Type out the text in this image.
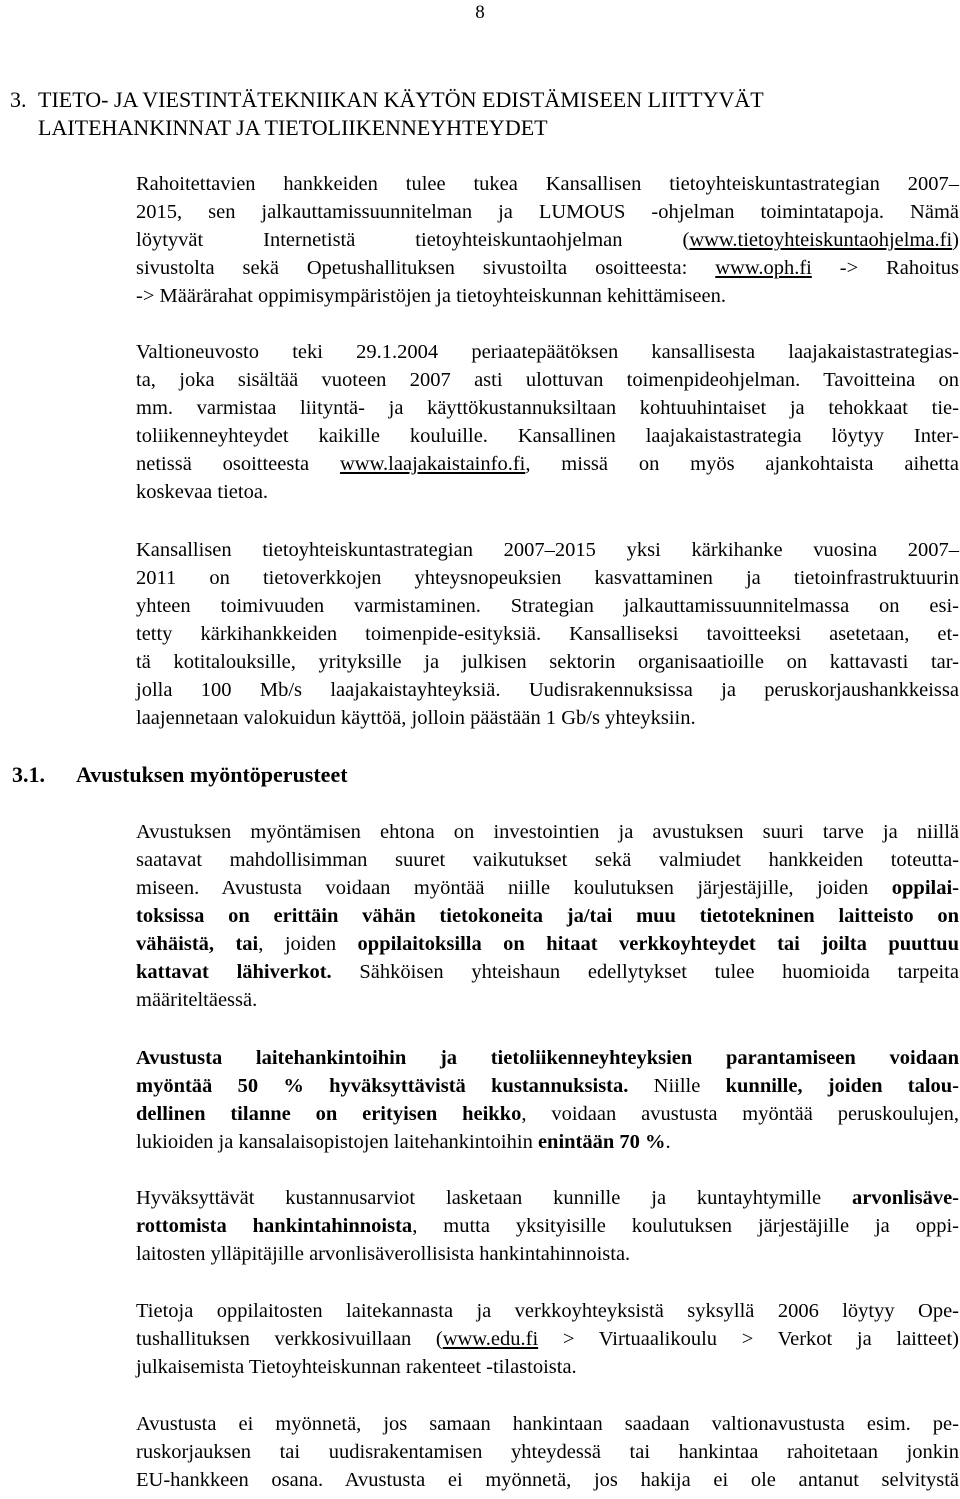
8
3. TIETO- JA VIESTINTÄTEKNIIKAN KÄYTÖN EDISTÄMISEEN LIITTYVÄT
LAITEHANKINNAT JA TIETOLIIKENNEYHTEYDET
Rahoitettavien hankkeiden tulee tukea Kansallisen tietoyhteiskuntastrategian 2007–
2015, sen jalkauttamissuunnitelman ja LUMOUS -ohjelman toimintatapoja. Nämä
löytyvät Internetistä tietoyhteiskuntaohjelman (www.tietoyhteiskuntaohjelma.fi)
sivustolta sekä Opetushallituksen sivustoilta osoitteesta: www.oph.fi -> Rahoitus
-> Määrärahat oppimisympäristöjen ja tietoyhteiskunnan kehittämiseen.
Valtioneuvosto teki 29.1.2004 periaatepäätöksen kansallisesta laajakaistastrategias-
ta, joka sisältää vuoteen 2007 asti ulottuvan toimenpideohjelman. Tavoitteina on
mm. varmistaa liityntä- ja käyttökustannuksiltaan kohtuuhintaiset ja tehokkaat tie-
toliikenneyhteydet kaikille kouluille. Kansallinen laajakaistastrategia löytyy Inter-
netissä osoitteesta www.laajakaistainfo.fi, missä on myös ajankohtaista aihetta
koskevaa tietoa.
Kansallisen tietoyhteiskuntastrategian 2007–2015 yksi kärkihanke vuosina 2007–
2011 on tietoverkkojen yhteysnopeuksien kasvattaminen ja tietoinfrastruktuurin
yhteen toimivuuden varmistaminen. Strategian jalkauttamissuunnitelmassa on esi-
tetty kärkihankkeiden toimenpide-esityksiä. Kansalliseksi tavoitteeksi asetetaan, et-
tä kotitalouksille, yrityksille ja julkisen sektorin organisaatioille on kattavasti tar-
jolla 100 Mb/s laajakaistayhteyksiä. Uudisrakennuksissa ja peruskorjaushankkeissa
laajennetaan valokuidun käyttöä, jolloin päästään 1 Gb/s yhteyksiin.
3.1. Avustuksen myöntöperusteet
Avustuksen myöntämisen ehtona on investointien ja avustuksen suuri tarve ja niillä
saatavat mahdollisimman suuret vaikutukset sekä valmiudet hankkeiden toteutta-
miseen. Avustusta voidaan myöntää niille koulutuksen järjestäjille, joiden oppilai-
toksissa on erittäin vähän tietokoneita ja/tai muu tietotekninen laitteisto on
vähäistä, tai, joiden oppilaitoksilla on hitaat verkkoyhteydet tai joilta puuttuu
kattavat lähiverkot. Sähköisen yhteishaun edellytykset tulee huomioida tarpeita
määriteltäessä.
Avustusta laitehankintoihin ja tietoliikenneyhteyksien parantamiseen voidaan
myöntää 50 % hyväksyttävistä kustannuksista. Niille kunnille, joiden talou-
dellinen tilanne on erityisen heikko, voidaan avustusta myöntää peruskoulujen,
lukioiden ja kansalaisopistojen laitehankintoihin enintään 70 %.
Hyväksyttävät kustannusarviot lasketaan kunnille ja kuntayhtymille arvonlisäve-
rottomista hankintahinnoista, mutta yksityisille koulutuksen järjestäjille ja oppi-
laitosten ylläpitäjille arvonlisäverollisista hankintahinnoista.
Tietoja oppilaitosten laitekannasta ja verkkoyhteyksistä syksyllä 2006 löytyy Ope-
tushallituksen verkkosivuillaan (www.edu.fi > Virtuaalikoulu > Verkot ja laitteet)
julkaisemista Tietoyhteiskunnan rakenteet -tilastoista.
Avustusta ei myönnetä, jos samaan hankintaan saadaan valtionavustusta esim. pe-
ruskorjauksen tai uudisrakentamisen yhteydessä tai hankintaa rahoitetaan jonkin
EU-hankkeen osana. Avustusta ei myönnetä, jos hakija ei ole antanut selvitystä
